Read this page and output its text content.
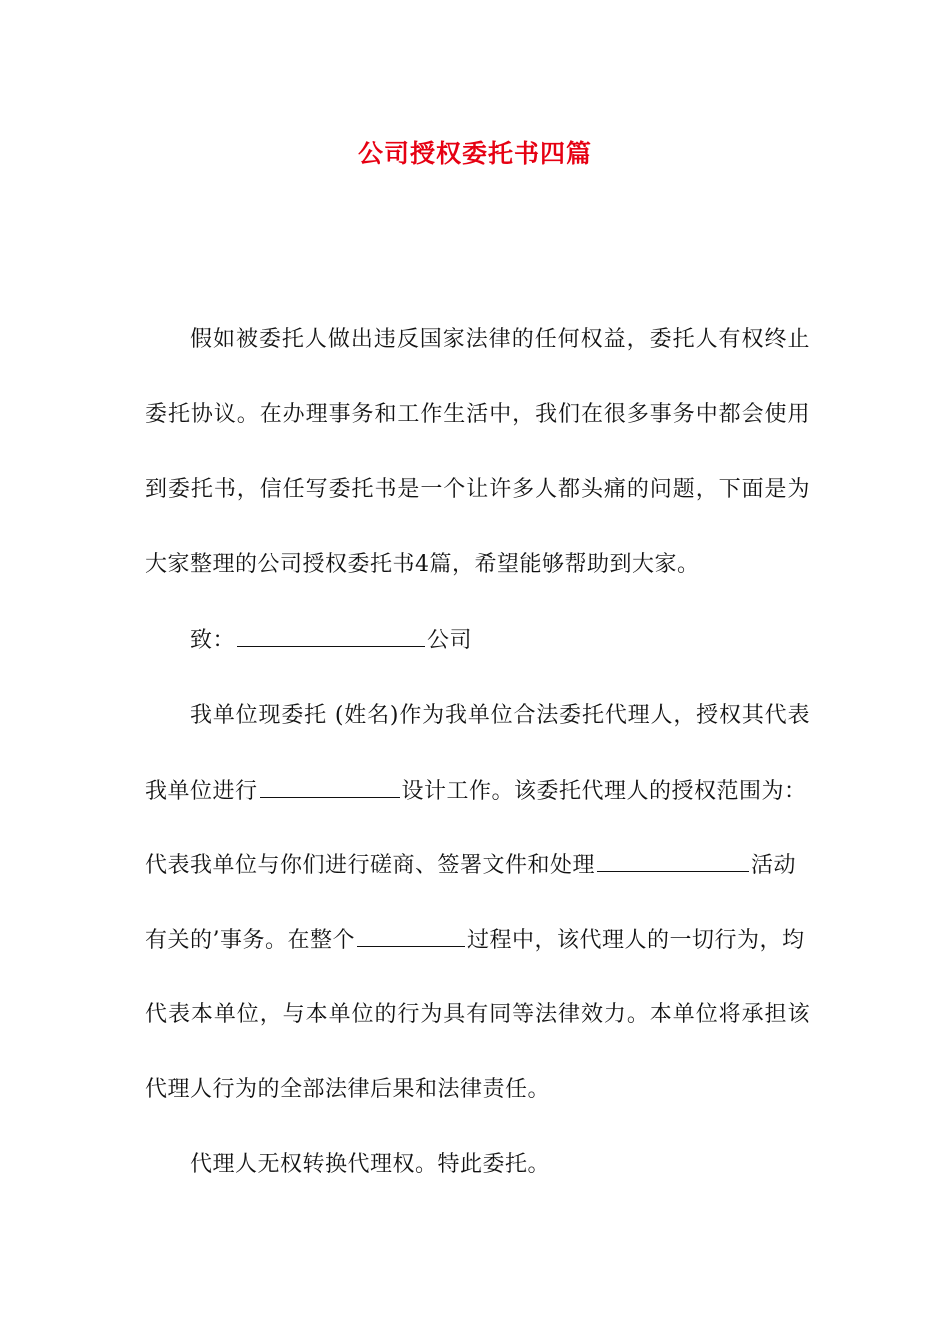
公司授权委托书四篇
假如被委托人做出违反国家法律的任何权益，委托人有权终止
委托协议。在办理事务和工作生活中，我们在很多事务中都会使用
到委托书，信任写委托书是一个让许多人都头痛的问题，下面是为
大家整理的公司授权委托书4篇，希望能够帮助到大家。
致：	公司
我单位现委托 (姓名)作为我单位合法委托代理人，授权其代表
我单位进行	设计工作。该委托代理人的授权范围为：
代表我单位与你们进行磋商、签署文件和处理	活动
有关的’事务。在整个	过程中，该代理人的一切行为，均
代表本单位，与本单位的行为具有同等法律效力。本单位将承担该
代理人行为的全部法律后果和法律责任。
代理人无权转换代理权。特此委托。
